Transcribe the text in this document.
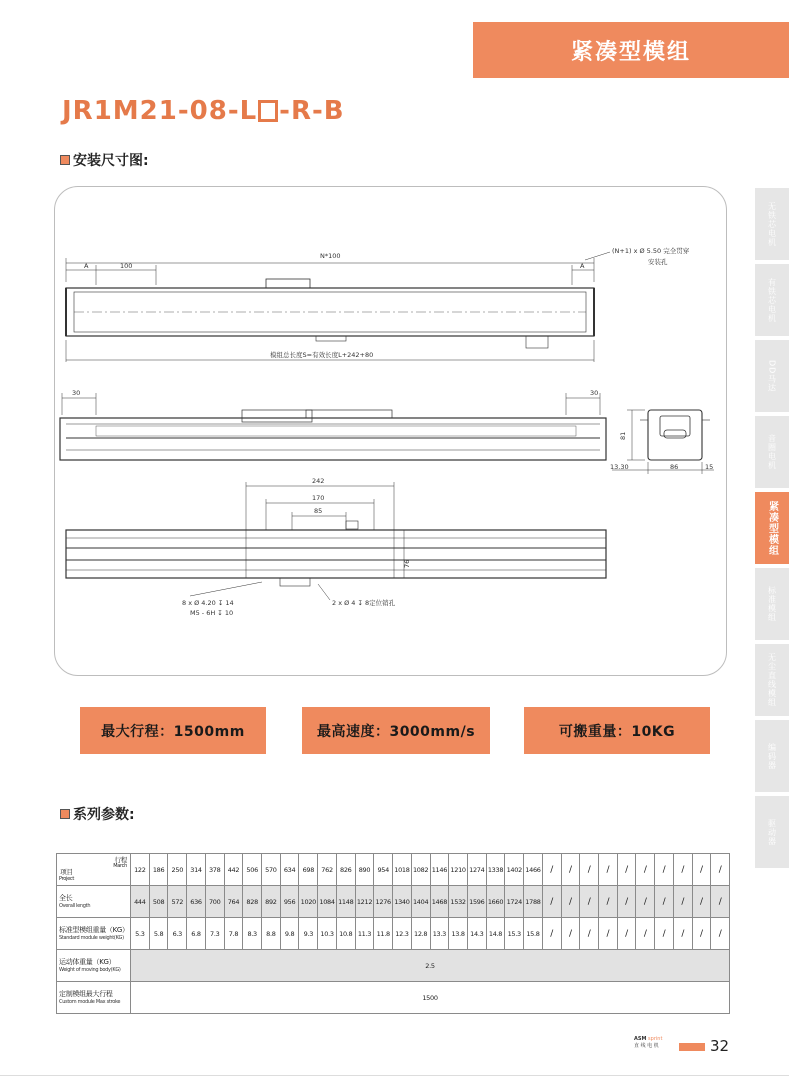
紧凑型模组
JR1M21-08-L -R-B
安装尺寸图:
N*100
100
A	A
(N+1) x Ø 5.50 完全贯穿
安装孔
模组总长度S=有效长度L+242+80
30	30
81
13.30	86	15
242
170
85
76
8 x Ø 4.20 ↧ 14
M5 - 6H ↧ 10
2 x Ø 4 ↧ 8定位销孔
最大行程：1500mm	最高速度：3000mm/s	可搬重量：10KG
系列参数:
行程
March
项目
Project	122	186	250	314	378	442	506	570	634	698	762	826	890	954	1018	1082	1146	1210	1274	1338	1402	1466	/	/	/	/	/	/	/	/	/	/
全长
Overall length	444	508	572	636	700	764	828	892	956	1020	1084	1148	1212	1276	1340	1404	1468	1532	1596	1660	1724	1788	/	/	/	/	/	/	/	/	/	/
标准型模组重量（KG）
Standard module weight(KG)	5.3	5.8	6.3	6.8	7.3	7.8	8.3	8.8	9.8	9.3	10.3	10.8	11.3	11.8	12.3	12.8	13.3	13.8	14.3	14.8	15.3	15.8	/	/	/	/	/	/	/	/	/	/
运动体重量（KG）
Weight of moving body(KG)	2.5																															
定制模组最大行程
Custom module Max stroke	1500																															
无铁芯电机
有铁芯电机
DD马达
音圈电机
紧凑型模组
标准模组
无尘直线模组
编码器
驱动器
ASM sprint
直 线 电 机	32
